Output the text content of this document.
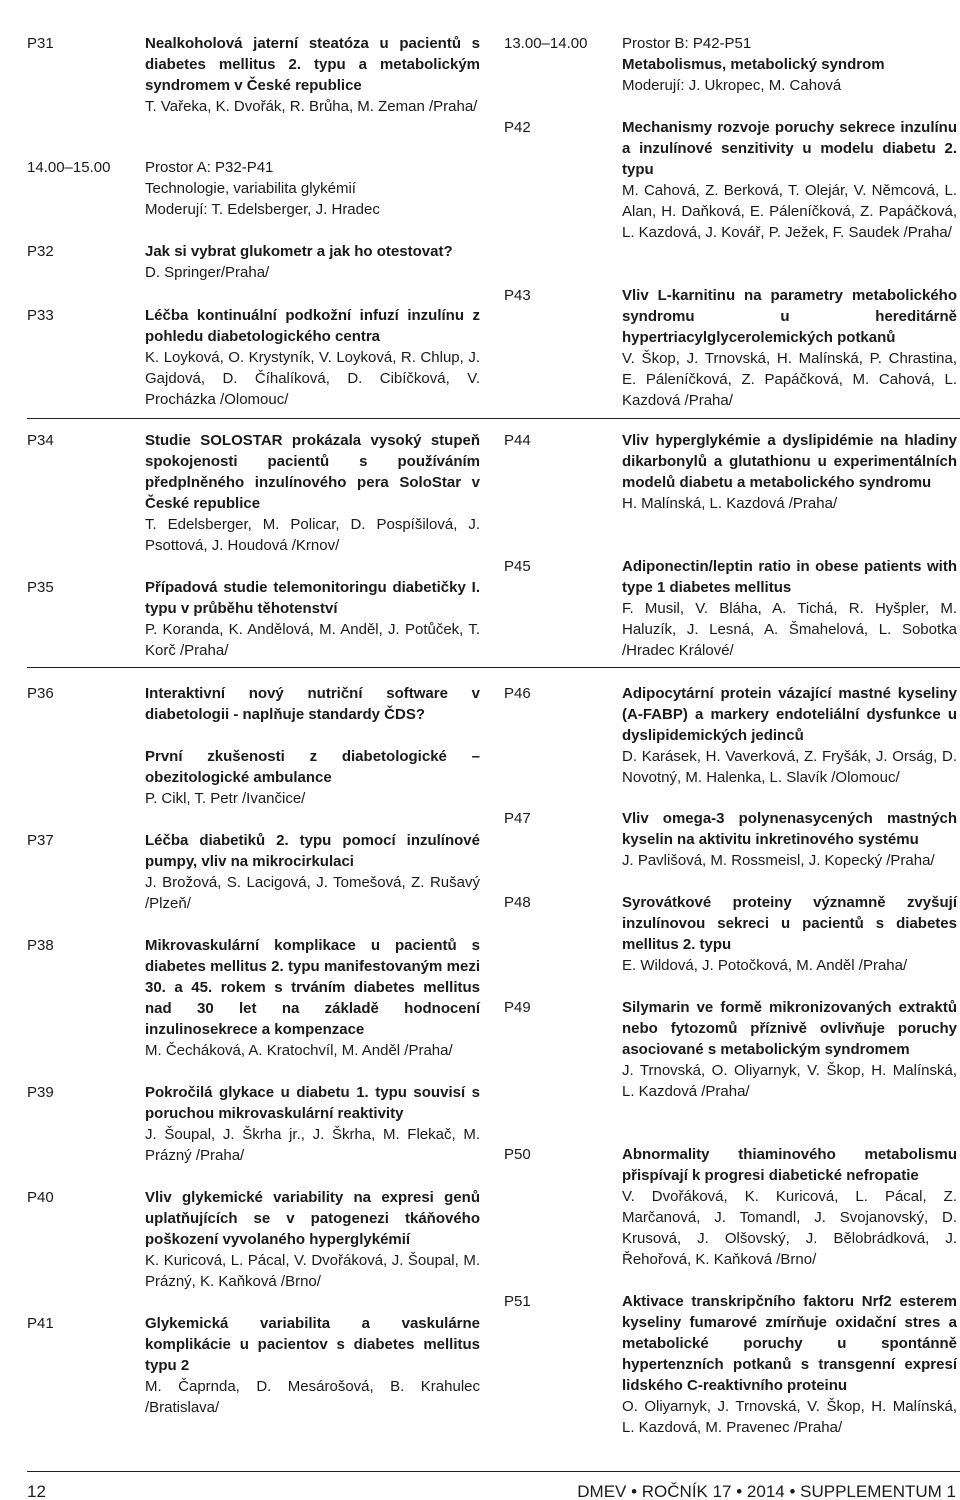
P31	Nealkoholová jaterní steatóza u pacientů s diabetes mellitus 2. typu a metabolickým syndromem v České republice
T. Vařeka, K. Dvořák, R. Brůha, M. Zeman /Praha/
14.00–15.00	Prostor A: P32-P41
Technologie, variabilita glykémií
Moderují: T. Edelsberger, J. Hradec
P32	Jak si vybrat glukometr a jak ho otestovat?
D. Springer/Praha/
P33	Léčba kontinuální podkožní infuzí inzulínu z pohledu diabetologického centra
K. Loyková, O. Krystyník, V. Loyková, R. Chlup, J. Gajdová, D. Číhalíková, D. Cibíčková, V. Procházka /Olomouc/
P34	Studie SOLOSTAR prokázala vysoký stupeň spokojenosti pacientů s používáním předplněného inzulínového pera SoloStar v České republice
T. Edelsberger, M. Policar, D. Pospíšilová, J. Psottová, J. Houdová /Krnov/
P35	Případová studie telemonitoringu diabetičky I. typu v průběhu těhotenství
P. Koranda, K. Andělová, M. Anděl, J. Potůček, T. Korč /Praha/
P36	Interaktivní nový nutriční software v diabetologii - naplňuje standardy ČDS?
První zkušenosti z diabetologické – obezitologické ambulance
P. Cikl, T. Petr /Ivančice/
P37	Léčba diabetiků 2. typu pomocí inzulínové pumpy, vliv na mikrocirkulaci
J. Brožová, S. Lacigová, J. Tomešová, Z. Rušavý /Plzeň/
P38	Mikrovaskulární komplikace u pacientů s diabetes mellitus 2. typu manifestovaným mezi 30. a 45. rokem s trváním diabetes mellitus nad 30 let na základě hodnocení inzulinosekrece a kompenzace
M. Čecháková, A. Kratochvíl, M. Anděl /Praha/
P39	Pokročilá glykace u diabetu 1. typu souvisí s poruchou mikrovaskulární reaktivity
J. Šoupal, J. Škrha jr., J. Škrha, M. Flekač, M. Prázný /Praha/
P40	Vliv glykemické variability na expresi genů uplatňujících se v patogenezi tkáňového poškození vyvolaného hyperglykémií
K. Kuricová, L. Pácal, V. Dvořáková, J. Šoupal, M. Prázný, K. Kaňková /Brno/
P41	Glykemická variabilita a vaskulárne komplikácie u pacientov s diabetes mellitus typu 2
M. Čaprnda, D. Mesárošová, B. Krahulec /Bratislava/
13.00–14.00	Prostor B: P42-P51
Metabolismus, metabolický syndrom
Moderují: J. Ukropec, M. Cahová
P42	Mechanismy rozvoje poruchy sekrece inzulínu a inzulínové senzitivity u modelu diabetu 2. typu
M. Cahová, Z. Berková, T. Olejár, V. Němcová, L. Alan, H. Daňková, E. Páleníčková, Z. Papáčková, L. Kazdová, J. Kovář, P. Ježek, F. Saudek /Praha/
P43	Vliv L-karnitinu na parametry metabolického syndromu u hereditárně hypertriacylglycerolemických potkanů
V. Škop, J. Trnovská, H. Malínská, P. Chrastina, E. Páleníčková, Z. Papáčková, M. Cahová, L. Kazdová /Praha/
P44	Vliv hyperglykémie a dyslipidémie na hladiny dikarbonylů a glutathionu u experimentálních modelů diabetu a metabolického syndromu
H. Malínská, L. Kazdová /Praha/
P45	Adiponectin/leptin ratio in obese patients with type 1 diabetes mellitus
F. Musil, V. Bláha, A. Tichá, R. Hyšpler, M. Haluzík, J. Lesná, A. Šmahelová, L. Sobotka /Hradec Králové/
P46	Adipocytární protein vázající mastné kyseliny (A-FABP) a markery endoteliální dysfunkce u dyslipidemických jedinců
D. Karásek, H. Vaverková, Z. Fryšák, J. Orság, D. Novotný, M. Halenka, L. Slavík /Olomouc/
P47	Vliv omega-3 polynenasycených mastných kyselin na aktivitu inkretinového systému
J. Pavlišová, M. Rossmeisl, J. Kopecký /Praha/
P48	Syrovátkové proteiny významně zvyšují inzulínovou sekreci u pacientů s diabetes mellitus 2. typu
E. Wildová, J. Potočková, M. Anděl /Praha/
P49	Silymarin ve formě mikronizovaných extraktů nebo fytozomů příznivě ovlivňuje poruchy asociované s metabolickým syndromem
J. Trnovská, O. Oliyarnyk, V. Škop, H. Malínská, L. Kazdová /Praha/
P50	Abnormality thiaminového metabolismu přispívají k progresi diabetické nefropatie
V. Dvořáková, K. Kuricová, L. Pácal, Z. Marčanová, J. Tomandl, J. Svojanovský, D. Krusová, J. Olšovský, J. Bělobrádková, J. Řehořová, K. Kaňková /Brno/
P51	Aktivace transkripčního faktoru Nrf2 esterem kyseliny fumarové zmírňuje oxidační stres a metabolické poruchy u spontánně hypertenzních potkanů s transgenní expresí lidského C-reaktivního proteinu
O. Oliyarnyk, J. Trnovská, V. Škop, H. Malínská, L. Kazdová, M. Pravenec /Praha/
12	DMEV • ROČNÍK 17 • 2014 • SUPPLEMENTUM 1
